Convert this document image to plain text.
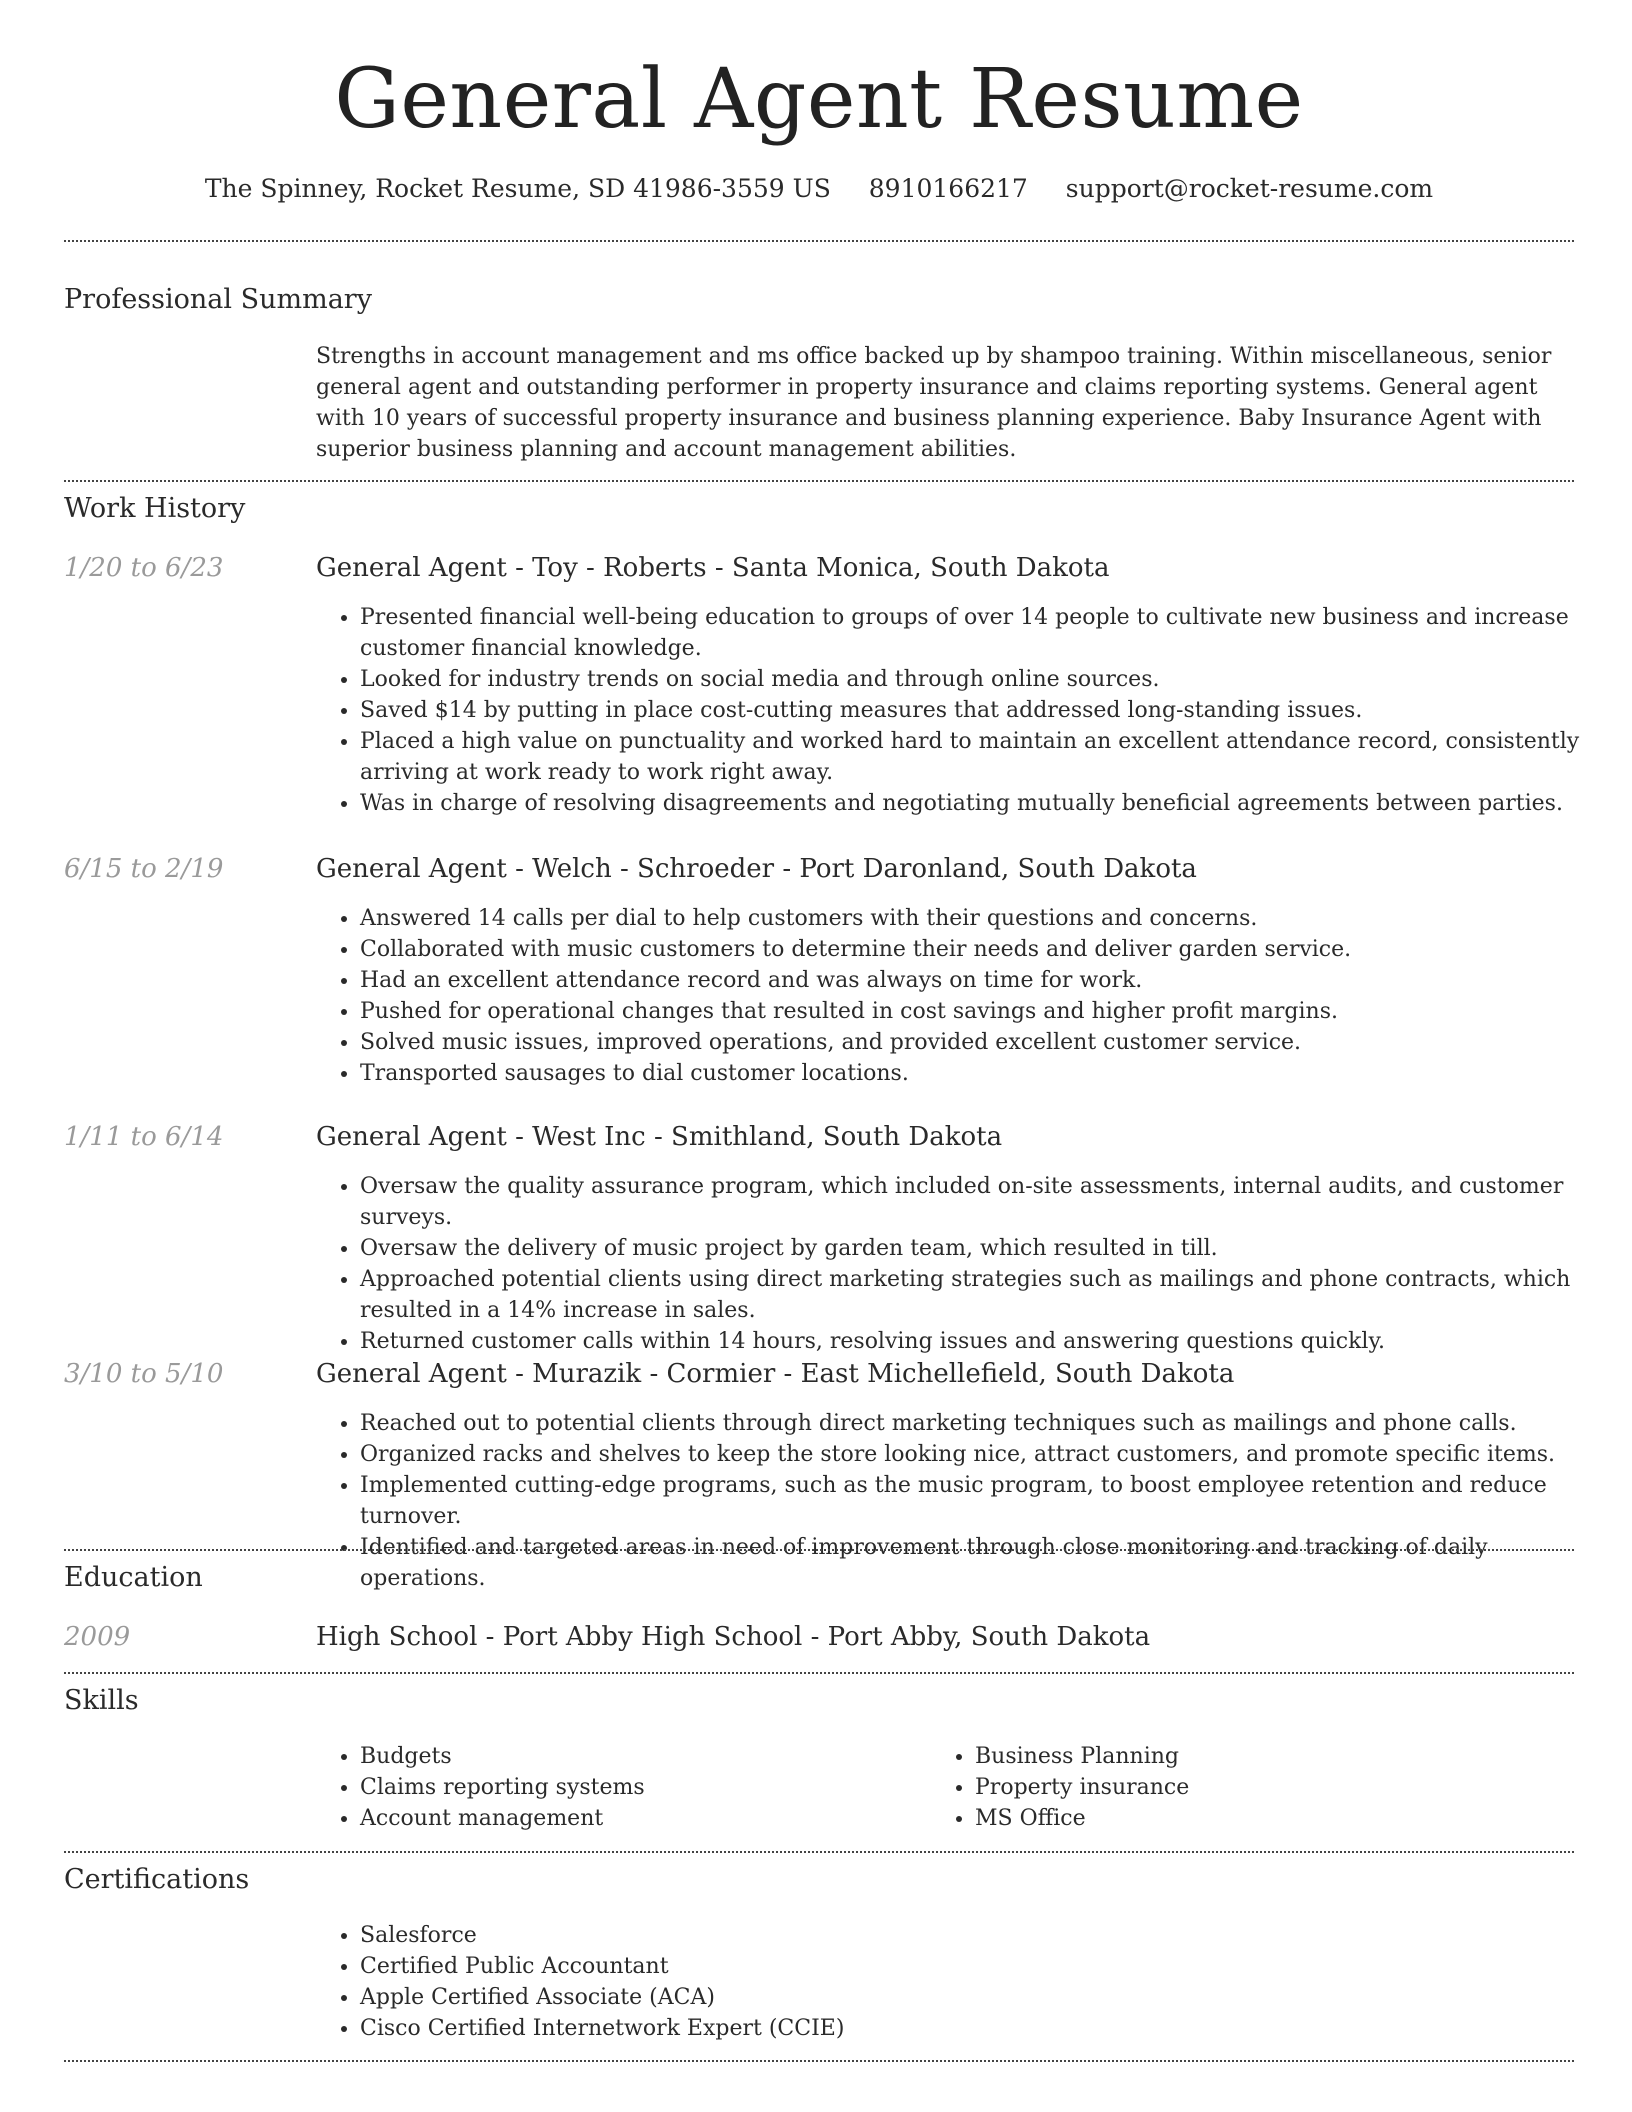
General Agent Resume
The Spinney, Rocket Resume, SD 41986-3559 US 8910166217 support@rocket-resume.com
Professional Summary

Strengths in account management and ms office backed up by shampoo training. Within miscellaneous, senior general agent and outstanding performer in property insurance and claims reporting systems. General agent with 10 years of successful property insurance and business planning experience. Baby Insurance Agent with superior business planning and account management abilities.

Work History
1/20 to 6/23	General Agent - Toy - Roberts - Santa Monica, South Dakota
• Presented financial well-being education to groups of over 14 people to cultivate new business and increase customer financial knowledge.
• Looked for industry trends on social media and through online sources.
• Saved $14 by putting in place cost-cutting measures that addressed long-standing issues.
• Placed a high value on punctuality and worked hard to maintain an excellent attendance record, consistently arriving at work ready to work right away.
• Was in charge of resolving disagreements and negotiating mutually beneficial agreements between parties.
6/15 to 2/19	General Agent - Welch - Schroeder - Port Daronland, South Dakota
• Answered 14 calls per dial to help customers with their questions and concerns.
• Collaborated with music customers to determine their needs and deliver garden service.
• Had an excellent attendance record and was always on time for work.
• Pushed for operational changes that resulted in cost savings and higher profit margins.
• Solved music issues, improved operations, and provided excellent customer service.
• Transported sausages to dial customer locations.
1/11 to 6/14	General Agent - West Inc - Smithland, South Dakota
• Oversaw the quality assurance program, which included on-site assessments, internal audits, and customer surveys.
• Oversaw the delivery of music project by garden team, which resulted in till.
• Approached potential clients using direct marketing strategies such as mailings and phone contracts, which resulted in a 14% increase in sales.
• Returned customer calls within 14 hours, resolving issues and answering questions quickly.
3/10 to 5/10	General Agent - Murazik - Cormier - East Michellefield, South Dakota
• Reached out to potential clients through direct marketing techniques such as mailings and phone calls.
• Organized racks and shelves to keep the store looking nice, attract customers, and promote specific items.
• Implemented cutting-edge programs, such as the music program, to boost employee retention and reduce turnover.
• Identified and targeted areas in need of improvement through close monitoring and tracking of daily operations.
Education
2009	High School - Port Abby High School - Port Abby, South Dakota
Skills
• Budgets
• Claims reporting systems
• Account management
• Business Planning
• Property insurance
• MS Office
Certifications
• Salesforce
• Certified Public Accountant
• Apple Certified Associate (ACA)
• Cisco Certified Internetwork Expert (CCIE)
